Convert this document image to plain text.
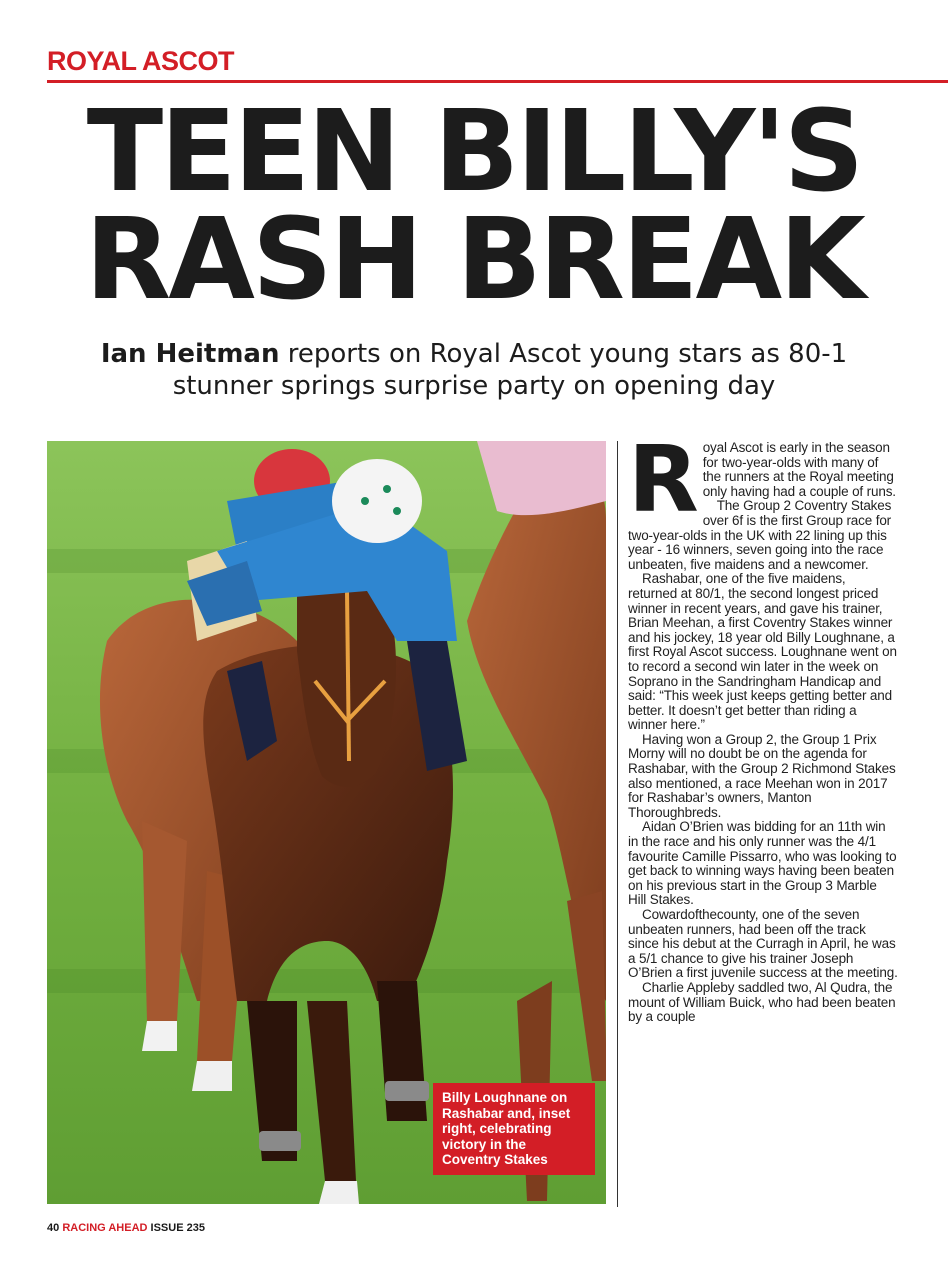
ROYAL ASCOT
TEEN BILLY'S
RASH BREAK

Ian Heitman reports on Royal Ascot young stars as 80-1 stunner springs surprise party on opening day

Billy Loughnane on Rashabar and, inset right, celebrating victory in the Coventry Stakes
R oyal Ascot is early in the season for two-year-olds with many of the runners at the Royal meeting only having had a couple of runs.

The Group 2 Coventry Stakes over 6f is the first Group race for two-year-olds in the UK with 22 lining up this year - 16 winners, seven going into the race unbeaten, five maidens and a newcomer.

Rashabar, one of the five maidens, returned at 80/1, the second longest priced winner in recent years, and gave his trainer, Brian Meehan, a first Coventry Stakes winner and his jockey, 18 year old Billy Loughnane, a first Royal Ascot success. Loughnane went on to record a second win later in the week on Soprano in the Sandringham Handicap and said: “This week just keeps getting better and better. It doesn’t get better than riding a winner here.”

Having won a Group 2, the Group 1 Prix Morny will no doubt be on the agenda for Rashabar, with the Group 2 Richmond Stakes also mentioned, a race Meehan won in 2017 for Rashabar’s owners, Manton Thoroughbreds.

Aidan O’Brien was bidding for an 11th win in the race and his only runner was the 4/1 favourite Camille Pissarro, who was looking to get back to winning ways having been beaten on his previous start in the Group 3 Marble Hill Stakes.

Cowardofthecounty, one of the seven unbeaten runners, had been off the track since his debut at the Curragh in April, he was a 5/1 chance to give his trainer Joseph O’Brien a first juvenile success at the meeting.

Charlie Appleby saddled two, Al Qudra, the mount of William Buick, who had been beaten by a couple

40 RACING AHEAD ISSUE 235
